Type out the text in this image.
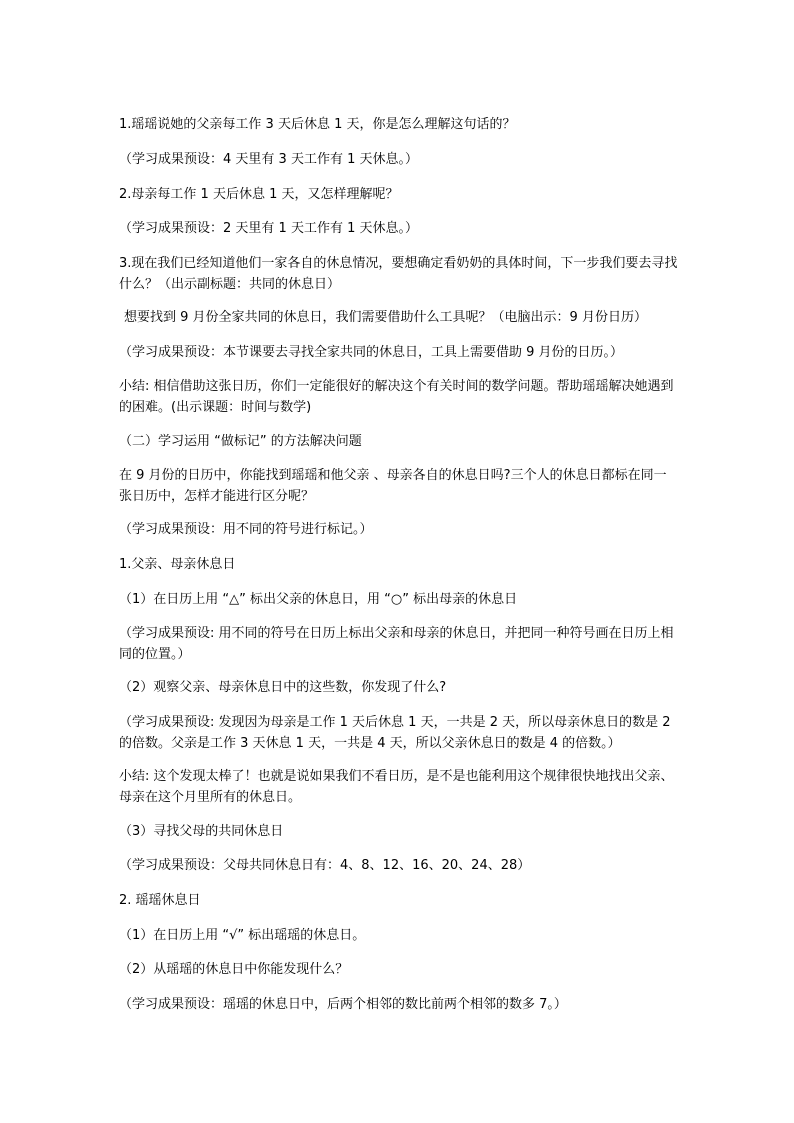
1.瑶瑶说她的父亲每工作 3 天后休息 1 天，你是怎么理解这句话的？

（学习成果预设：4 天里有 3 天工作有 1 天休息。）

2.母亲每工作 1 天后休息 1 天，又怎样理解呢？

（学习成果预设：2 天里有 1 天工作有 1 天休息。）

3.现在我们已经知道他们一家各自的休息情况，要想确定看奶奶的具体时间，下一步我们要去寻找什么？（出示副标题：共同的休息日）

想要找到 9 月份全家共同的休息日，我们需要借助什么工具呢？（电脑出示：9 月份日历）

（学习成果预设：本节课要去寻找全家共同的休息日，工具上需要借助 9 月份的日历。）

小结: 相信借助这张日历，你们一定能很好的解决这个有关时间的数学问题。帮助瑶瑶解决她遇到的困难。(出示课题：时间与数学)

（二）学习运用 “做标记” 的方法解决问题

在 9 月份的日历中，你能找到瑶瑶和他父亲 、母亲各自的休息日吗?三个人的休息日都标在同一张日历中，怎样才能进行区分呢？

（学习成果预设：用不同的符号进行标记。）

1.父亲、母亲休息日

（1）在日历上用 “△” 标出父亲的休息日，用 “○” 标出母亲的休息日

（学习成果预设: 用不同的符号在日历上标出父亲和母亲的休息日，并把同一种符号画在日历上相同的位置。）

（2）观察父亲、母亲休息日中的这些数，你发现了什么?

（学习成果预设: 发现因为母亲是工作 1 天后休息 1 天，一共是 2 天，所以母亲休息日的数是 2 的倍数。父亲是工作 3 天休息 1 天，一共是 4 天，所以父亲休息日的数是 4 的倍数。）

小结: 这个发现太棒了！也就是说如果我们不看日历，是不是也能利用这个规律很快地找出父亲、母亲在这个月里所有的休息日。

（3）寻找父母的共同休息日

（学习成果预设：父母共同休息日有：4、8、12、16、20、24、28）

2. 瑶瑶休息日

（1）在日历上用 “√” 标出瑶瑶的休息日。

（2）从瑶瑶的休息日中你能发现什么？

（学习成果预设：瑶瑶的休息日中，后两个相邻的数比前两个相邻的数多 7。）
